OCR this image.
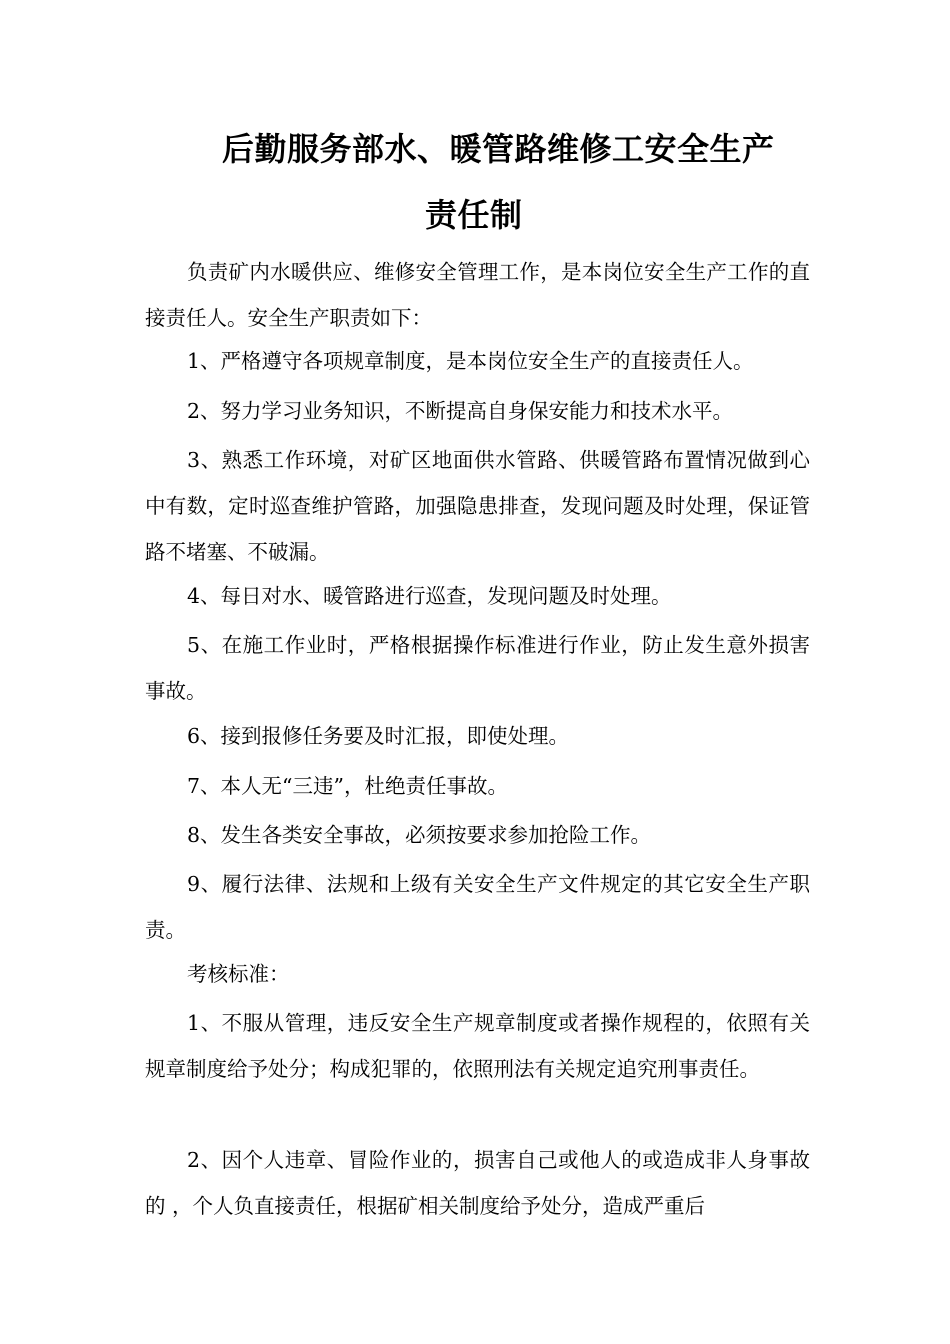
后勤服务部水、暖管路维修工安全生产
责任制
负责矿内水暖供应、维修安全管理工作，是本岗位安全生产工作的直接责任人。安全生产职责如下：
1、严格遵守各项规章制度，是本岗位安全生产的直接责任人。
2、努力学习业务知识，不断提高自身保安能力和技术水平。
3、熟悉工作环境，对矿区地面供水管路、供暖管路布置情况做到心中有数，定时巡查维护管路，加强隐患排查，发现问题及时处理，保证管路不堵塞、不破漏。
4、每日对水、暖管路进行巡查，发现问题及时处理。
5、在施工作业时，严格根据操作标准进行作业，防止发生意外损害事故。
6、接到报修任务要及时汇报，即使处理。
7、本人无“三违”，杜绝责任事故。
8、发生各类安全事故，必须按要求参加抢险工作。
9、履行法律、法规和上级有关安全生产文件规定的其它安全生产职责。
考核标准：
1、不服从管理，违反安全生产规章制度或者操作规程的，依照有关规章制度给予处分；构成犯罪的，依照刑法有关规定追究刑事责任。
2、因个人违章、冒险作业的，损害自己或他人的或造成非人身事故的 ，个人负直接责任，根据矿相关制度给予处分，造成严重后
